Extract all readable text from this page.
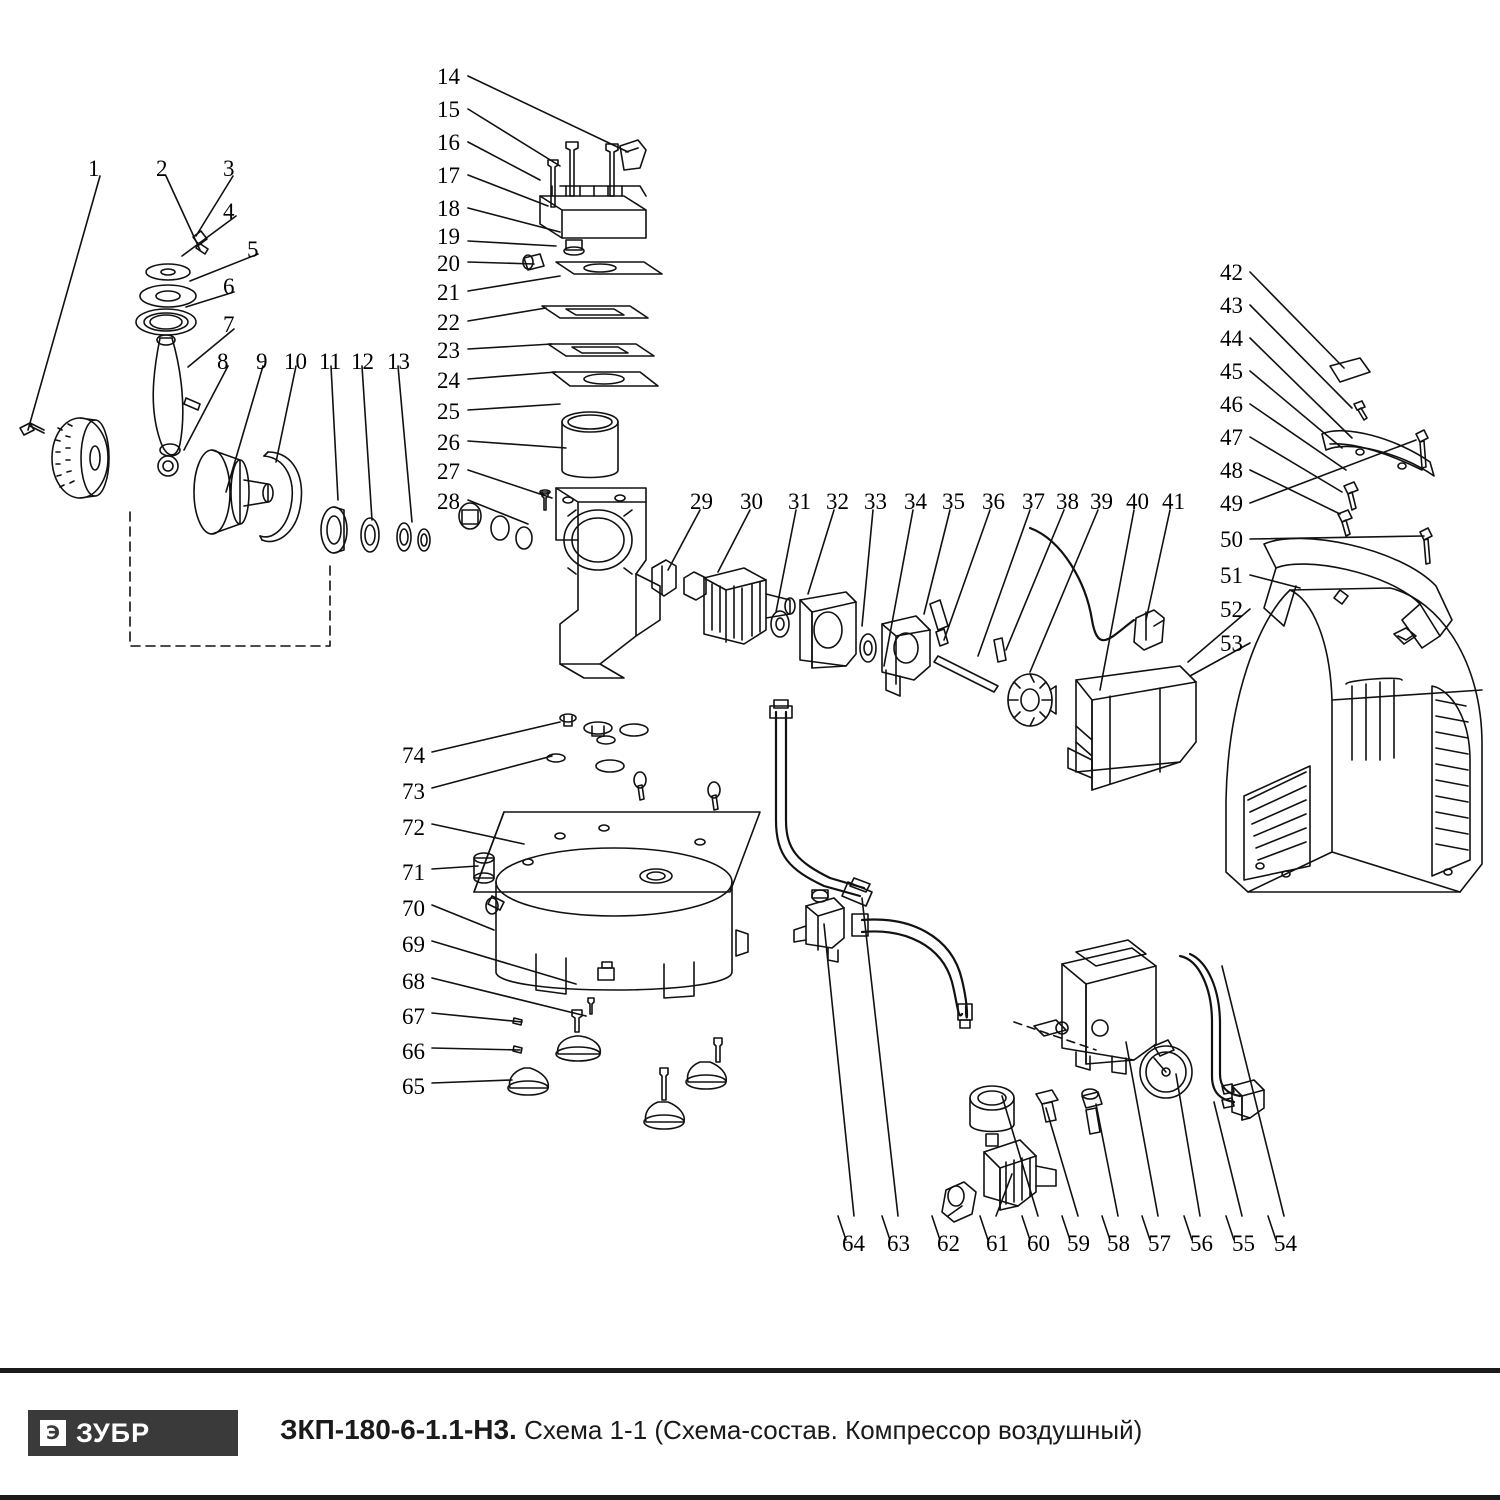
1 2 3
4
5
6
7
8 9 10 11 12 13
14
15
16
17
18
19
20
21
22
23
24
25
26
27
28	29 30 31 32 33 34 35 36 37 38 39 40 41
42
43
44
45
46
47
48
49
50
51
52
53
54
55
56
57
58
59
60
61
62
63
64
65
66
67
68
69
70
71
72
73
74
Э ЗУБР	ЗКП-180-6-1.1-Н3. Схема 1-1 (Схема-состав. Компрессор воздушный)
